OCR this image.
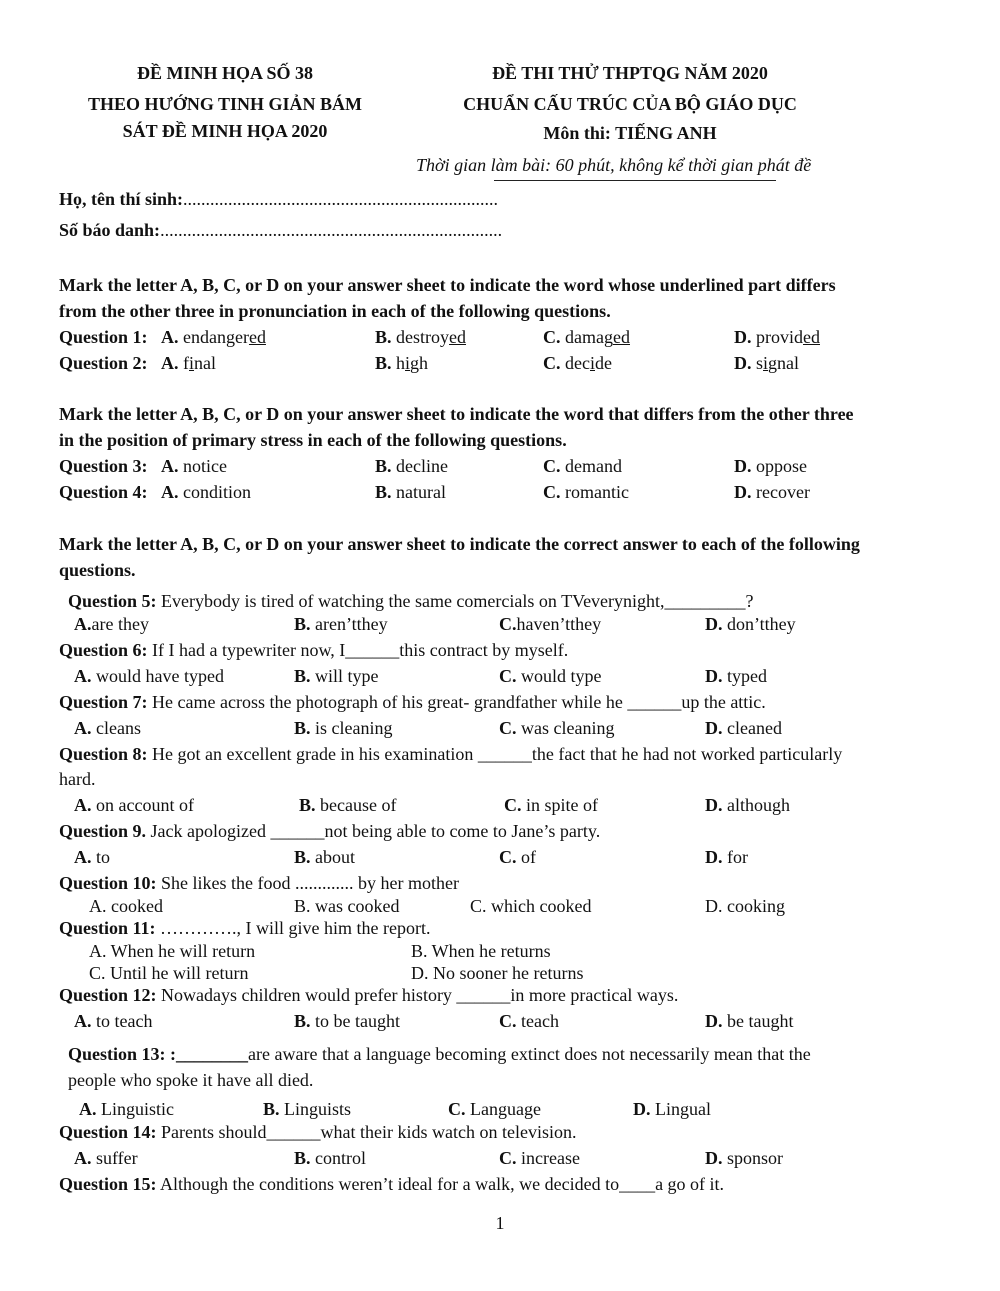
ĐỀ MINH HỌA SỐ 38
THEO HƯỚNG TINH GIẢN BÁM
SÁT ĐỀ MINH HỌA 2020
ĐỀ THI THỬ THPTQG NĂM 2020
CHUẨN CẤU TRÚC CỦA BỘ GIÁO DỤC
Môn thi: TIẾNG ANH
Thời gian làm bài: 60 phút, không kể thời gian phát đề
Họ, tên thí sinh:......................................................................
Số báo danh:............................................................................
Mark the letter A, B, C, or D on your answer sheet to indicate the word whose underlined part differs
from the other three in pronunciation in each of the following questions.
Question 1: A. endangered	B. destroyed	C. damaged	D. provided
Question 2: A. final	B. high	C. decide	D. signal
Mark the letter A, B, C, or D on your answer sheet to indicate the word that differs from the other three
in the position of primary stress in each of the following questions.
Question 3: A. notice	B. decline	C. demand	D. oppose
Question 4: A. condition	B. natural	C. romantic	D. recover
Mark the letter A, B, C, or D on your answer sheet to indicate the correct answer to each of the following
questions.
Question 5: Everybody is tired of watching the same comercials on TVeverynight,_________?
A.are they	B. aren’tthey	C.haven’tthey	D. don’tthey
Question 6: If I had a typewriter now, I______this contract by myself.
A. would have typed	B. will type	C. would type	D. typed
Question 7: He came across the photograph of his great- grandfather while he ______up the attic.
A. cleans	B. is cleaning	C. was cleaning	D. cleaned
Question 8: He got an excellent grade in his examination ______the fact that he had not worked particularly
hard.
A. on account of	B. because of	C. in spite of	D. although
Question 9. Jack apologized ______not being able to come to Jane’s party.
A. to	B. about	C. of	D. for
Question 10: She likes the food ............. by her mother
A. cooked	B. was cooked	C. which cooked	D. cooking
Question 11: …………., I will give him the report.
A. When he will return	B. When he returns
C. Until he will return	D. No sooner he returns
Question 12: Nowadays children would prefer history ______in more practical ways.
A. to teach	B. to be taught	C. teach	D. be taught
Question 13: :________are aware that a language becoming extinct does not necessarily mean that the
people who spoke it have all died.
A. Linguistic	B. Linguists	C. Language	D. Lingual
Question 14: Parents should______what their kids watch on television.
A. suffer	B. control	C. increase	D. sponsor
Question 15: Although the conditions weren’t ideal for a walk, we decided to____a go of it.
1
